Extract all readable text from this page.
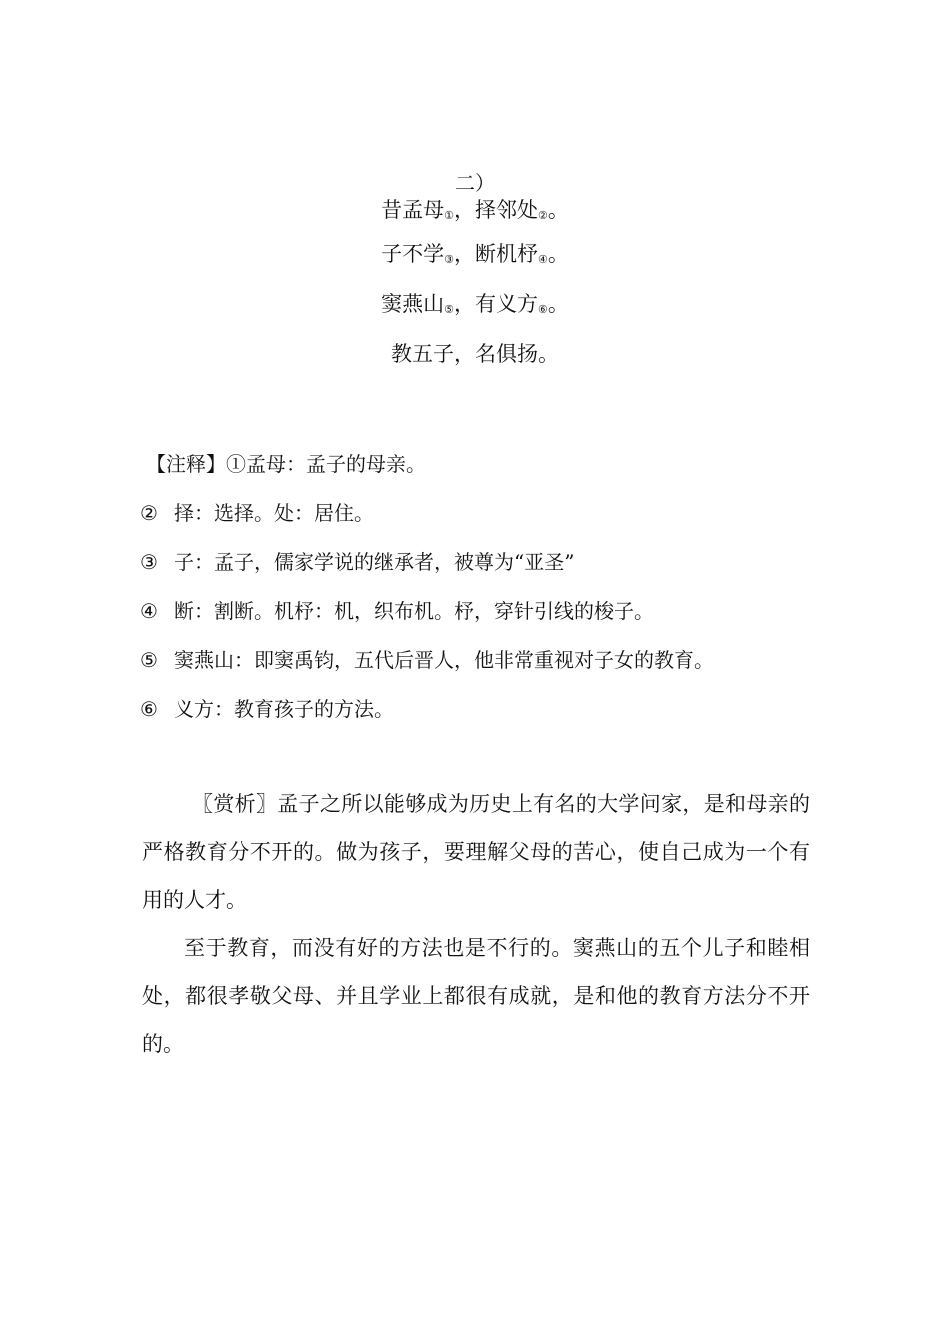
二）
昔孟母①，择邻处②。
子不学③，断机杼④。
窦燕山⑤，有义方⑥。
教五子，名俱扬。
【注释】①孟母：孟子的母亲。
② 择：选择。处：居住。
③ 子：孟子，儒家学说的继承者，被尊为“亚圣”
④ 断：割断。机杼：机，织布机。杼，穿针引线的梭子。
⑤ 窦燕山：即窦禹钧，五代后晋人，他非常重视对子女的教育。
⑥ 义方：教育孩子的方法。

〖赏析〗孟子之所以能够成为历史上有名的大学问家，是和母亲的严格教育分不开的。做为孩子，要理解父母的苦心，使自己成为一个有用的人才。

至于教育，而没有好的方法也是不行的。窦燕山的五个儿子和睦相处，都很孝敬父母、并且学业上都很有成就，是和他的教育方法分不开的。
